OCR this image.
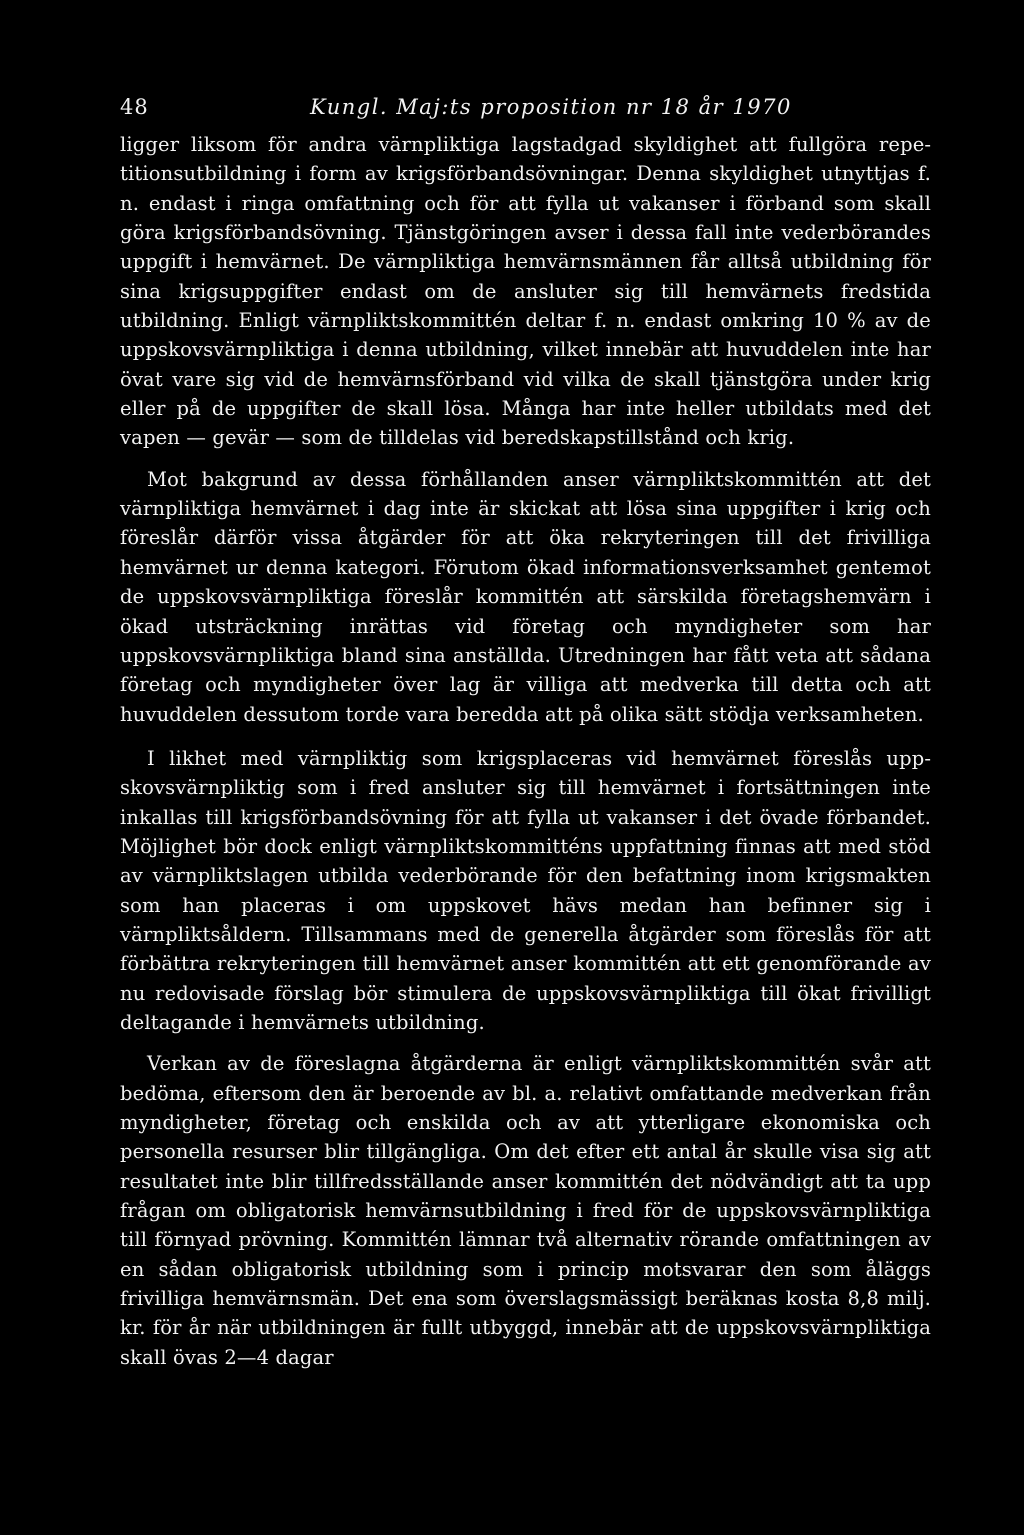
48	Kungl. Maj:ts proposition nr 18 år 1970

ligger liksom för andra värnpliktiga lagstadgad skyldighet att fullgöra repetitionsutbildning i form av krigsförbandsövningar. Denna skyldighet utnyttjas f. n. endast i ringa omfattning och för att fylla ut vakanser i förband som skall göra krigsförbandsövning. Tjänstgöringen avser i dessa fall inte vederbörandes uppgift i hemvärnet. De värnpliktiga hemvärnsmännen får alltså utbildning för sina krigsuppgifter endast om de ansluter sig till hemvärnets fredstida utbildning. Enligt värnpliktskommittén deltar f. n. endast omkring 10 % av de uppskovsvärnpliktiga i denna utbildning, vilket innebär att huvuddelen inte har övat vare sig vid de hemvärnsförband vid vilka de skall tjänstgöra under krig eller på de uppgifter de skall lösa. Många har inte heller utbildats med det vapen — gevär — som de tilldelas vid beredskapstillstånd och krig.

Mot bakgrund av dessa förhållanden anser värnpliktskommittén att det värnpliktiga hemvärnet i dag inte är skickat att lösa sina uppgifter i krig och föreslår därför vissa åtgärder för att öka rekryteringen till det frivilliga hemvärnet ur denna kategori. Förutom ökad informationsverksamhet gentemot de uppskovsvärnpliktiga föreslår kommittén att särskilda företagshemvärn i ökad utsträckning inrättas vid företag och myndigheter som har uppskovsvärnpliktiga bland sina anställda. Utredningen har fått veta att sådana företag och myndigheter över lag är villiga att medverka till detta och att huvuddelen dessutom torde vara beredda att på olika sätt stödja verksamheten.

I likhet med värnpliktig som krigsplaceras vid hemvärnet föreslås uppskovsvärnpliktig som i fred ansluter sig till hemvärnet i fortsättningen inte inkallas till krigsförbandsövning för att fylla ut vakanser i det övade förbandet. Möjlighet bör dock enligt värnpliktskommitténs uppfattning finnas att med stöd av värnpliktslagen utbilda vederbörande för den befattning inom krigsmakten som han placeras i om uppskovet hävs medan han befinner sig i värnpliktsåldern. Tillsammans med de generella åtgärder som föreslås för att förbättra rekryteringen till hemvärnet anser kommittén att ett genomförande av nu redovisade förslag bör stimulera de uppskovsvärnpliktiga till ökat frivilligt deltagande i hemvärnets utbildning.

Verkan av de föreslagna åtgärderna är enligt värnpliktskommittén svår att bedöma, eftersom den är beroende av bl. a. relativt omfattande medverkan från myndigheter, företag och enskilda och av att ytterligare ekonomiska och personella resurser blir tillgängliga. Om det efter ett antal år skulle visa sig att resultatet inte blir tillfredsställande anser kommittén det nödvändigt att ta upp frågan om obligatorisk hemvärnsutbildning i fred för de uppskovsvärnpliktiga till förnyad prövning. Kommittén lämnar två alternativ rörande omfattningen av en sådan obligatorisk utbildning som i princip motsvarar den som åläggs frivilliga hemvärnsmän. Det ena som överslagsmässigt beräknas kosta 8,8 milj. kr. för år när utbildningen är fullt utbyggd, innebär att de uppskovsvärnpliktiga skall övas 2—4 dagar
